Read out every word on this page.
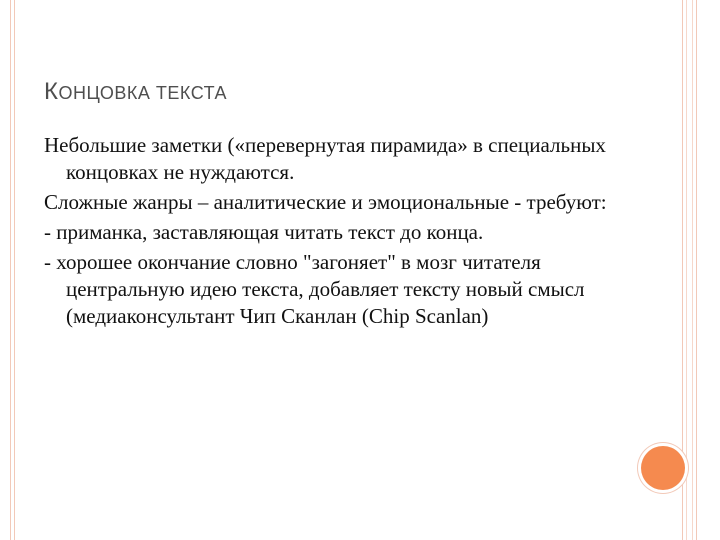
КОНЦОВКА ТЕКСТА

Небольшие заметки («перевернутая пирамида» в специальных концовках не нуждаются.

Сложные жанры – аналитические и эмоциональные - требуют:

- приманка, заставляющая читать текст до конца.

- хорошее окончание словно "загоняет" в мозг читателя центральную идею текста, добавляет тексту новый смысл (медиаконсультант Чип Сканлан (Chip Scanlan)
